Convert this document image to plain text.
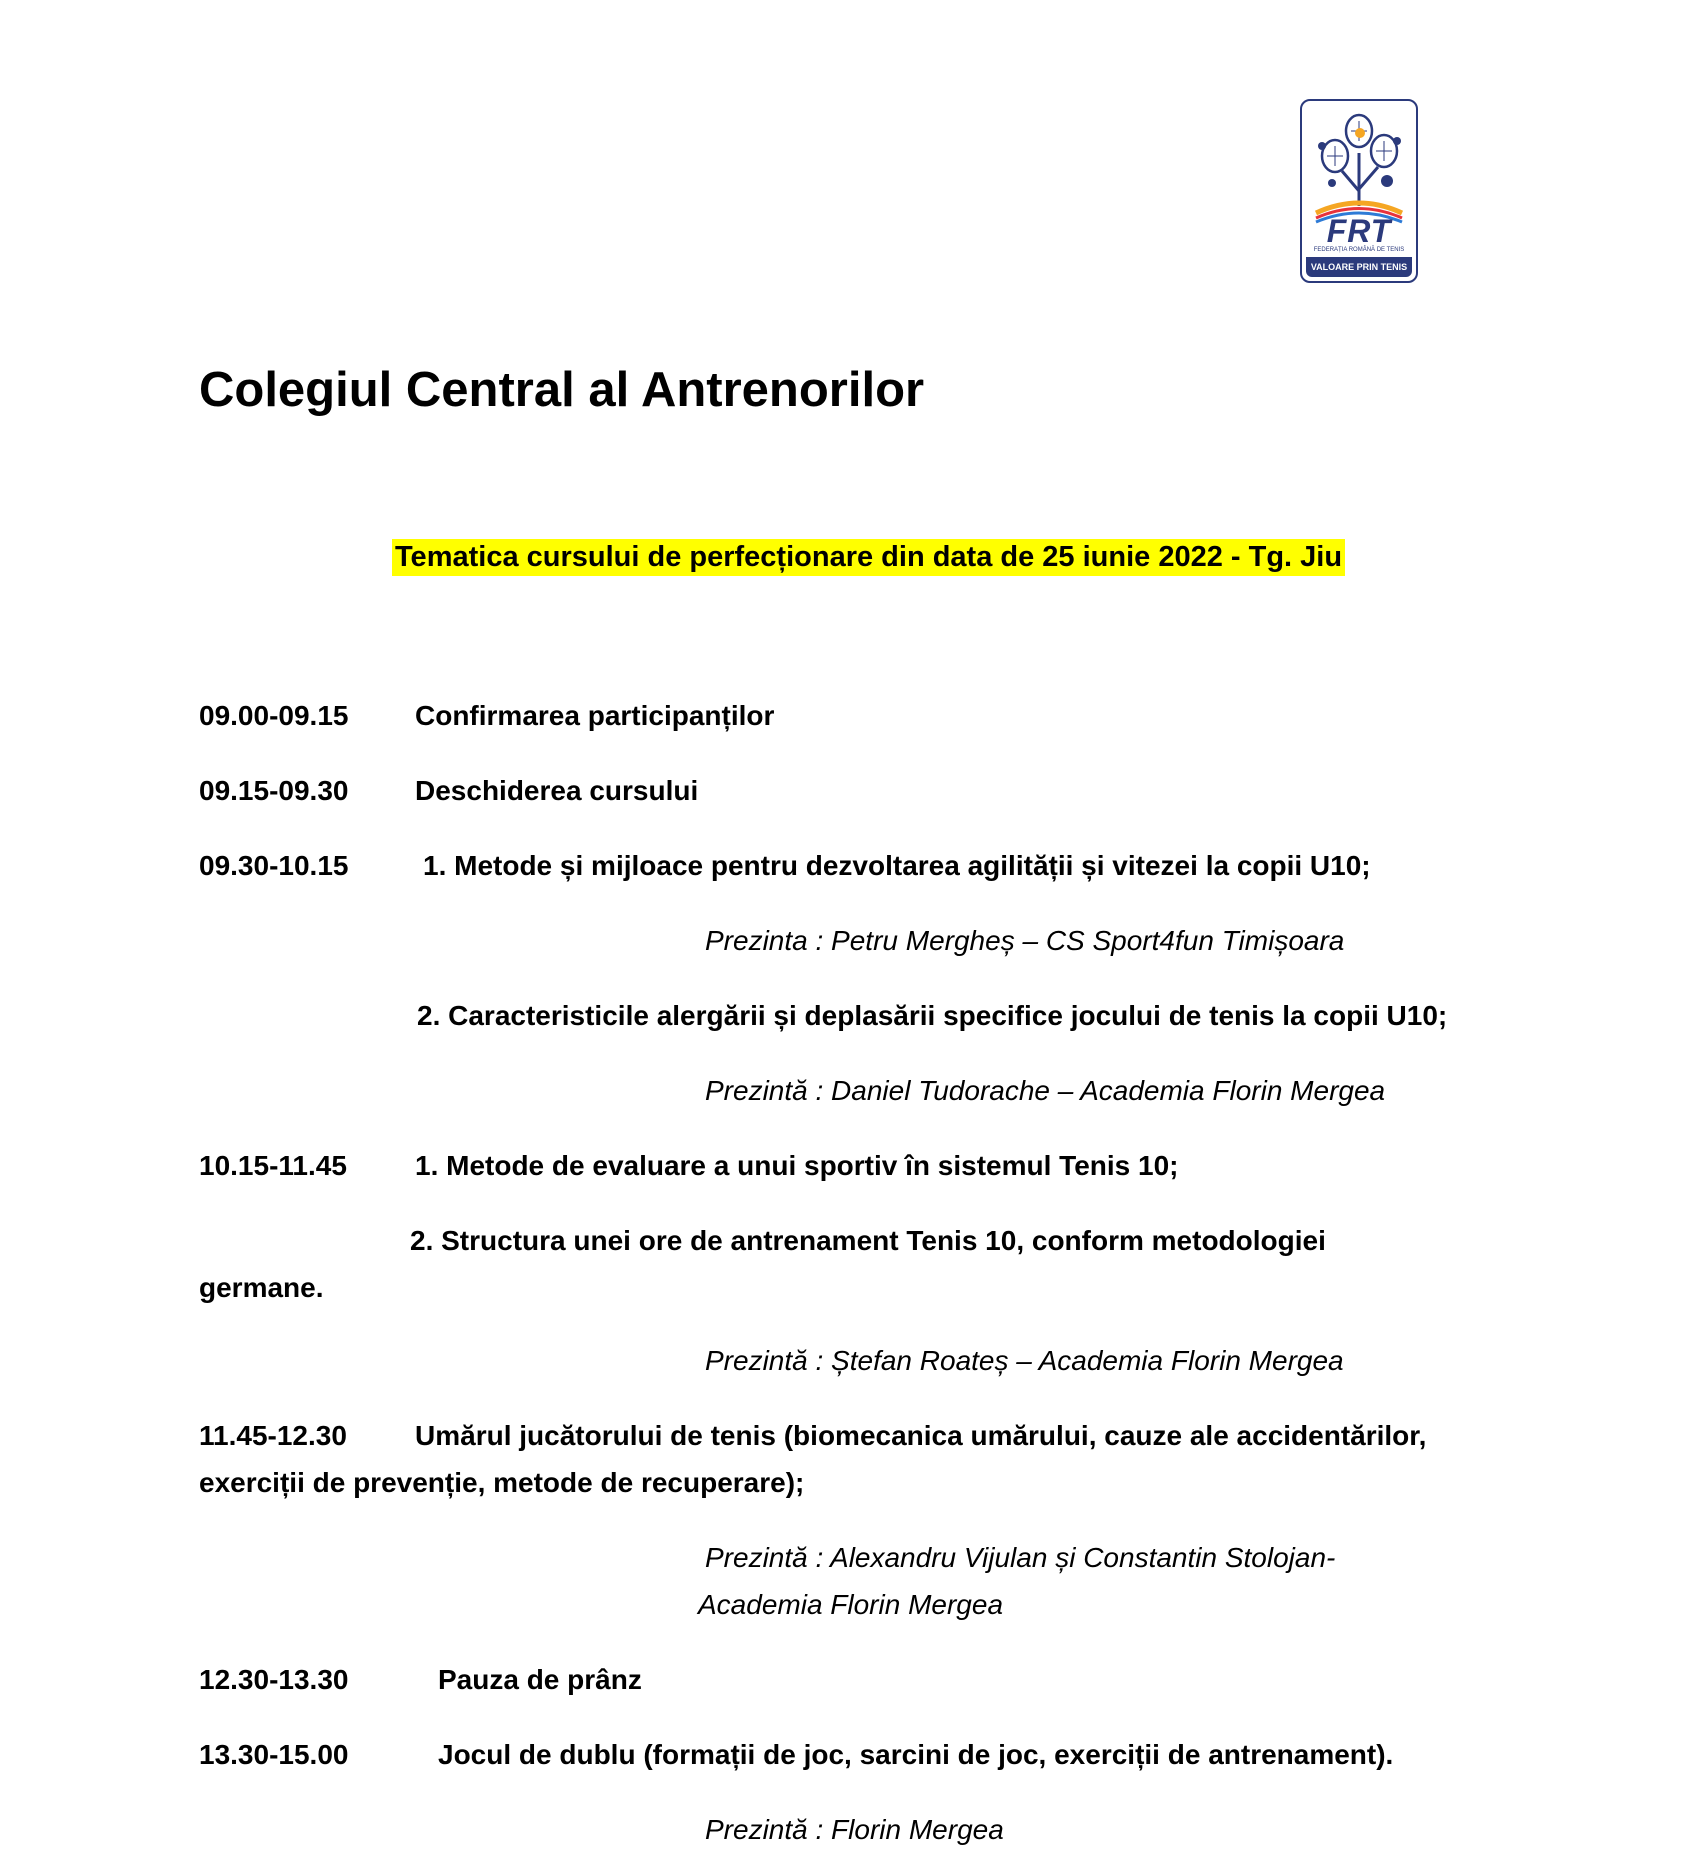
FRT
FEDERAȚIA ROMÂNĂ DE TENIS
VALOARE PRIN TENIS
Colegiul Central al Antrenorilor
Tematica cursului de perfecționare din data de 25 iunie 2022 - Tg. Jiu
09.00-09.15 Confirmarea participanților
09.15-09.30 Deschiderea cursului
09.30-10.15	1. Metode și mijloace pentru dezvoltarea agilității și vitezei la copii U10;
Prezinta : Petru Mergheș – CS Sport4fun Timișoara
2. Caracteristicile alergării și deplasării specifice jocului de tenis la copii U10;
Prezintă : Daniel Tudorache – Academia Florin Mergea
10.15-11.45 1. Metode de evaluare a unui sportiv în sistemul Tenis 10;
2. Structura unei ore de antrenament Tenis 10, conform metodologiei
germane.
Prezintă : Ștefan Roateș – Academia Florin Mergea
11.45-12.30 Umărul jucătorului de tenis (biomecanica umărului, cauze ale accidentărilor,
exerciții de prevenție, metode de recuperare);
Prezintă : Alexandru Vijulan și Constantin Stolojan-
Academia Florin Mergea
12.30-13.30	Pauza de prânz
13.30-15.00	Jocul de dublu (formații de joc, sarcini de joc, exerciții de antrenament).
Prezintă : Florin Mergea
